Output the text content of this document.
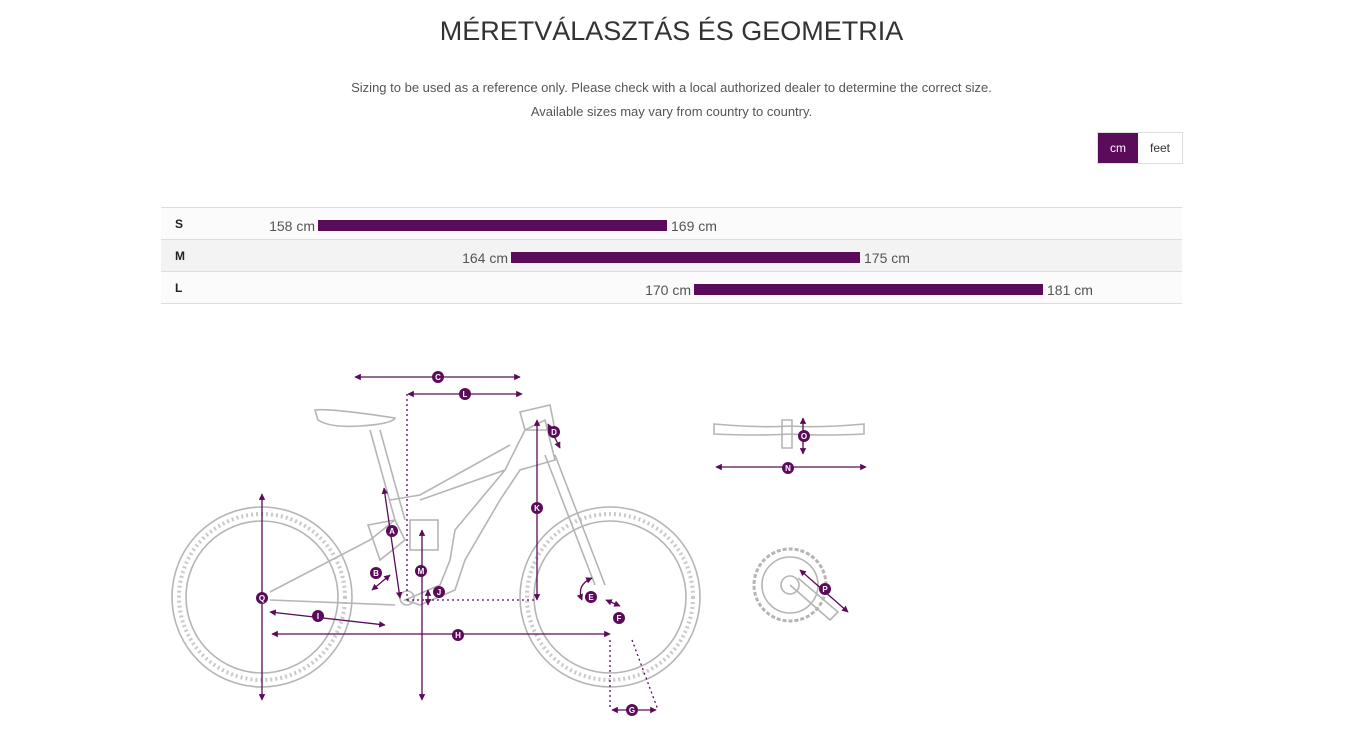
MÉRETVÁLASZTÁS ÉS GEOMETRIA
Sizing to be used as a reference only. Please check with a local authorized dealer to determine the correct size.
Available sizes may vary from country to country.
cm	feet
S	158 cm	169 cm
M	164 cm	175 cm
L	170 cm	181 cm
A
B
C
D
E
F
G
H
I
J
K
L
M
N
O
P
Q
